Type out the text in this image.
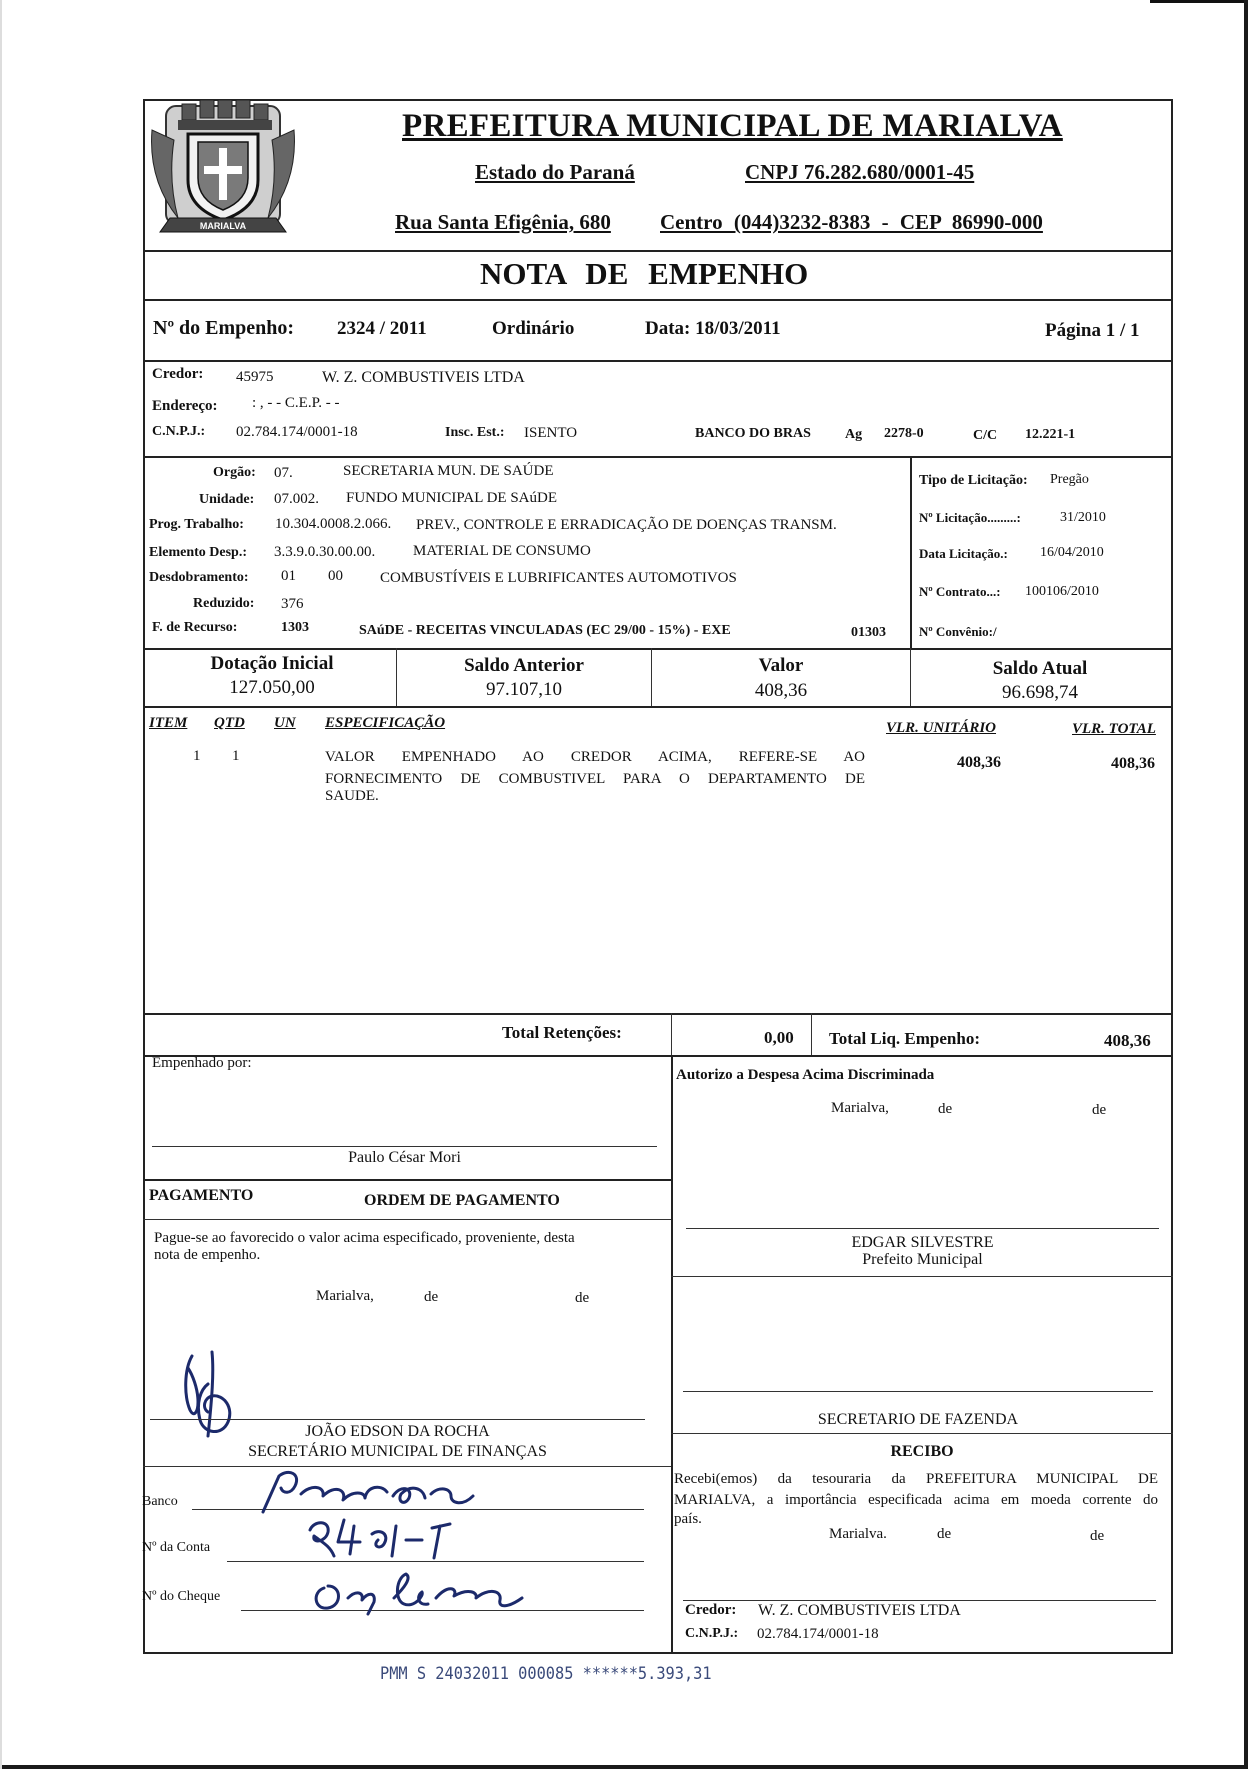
MARIALVA
PREFEITURA MUNICIPAL DE MARIALVA
Estado do Paraná	CNPJ 76.282.680/0001-45
Rua Santa Efigênia, 680 Centro (044)3232-8383 - CEP 86990-000
NOTA DE EMPENHO
Nº do Empenho: 2324 / 2011	Ordinário	Data: 18/03/2011	Página 1 / 1
Credor: 45975	W. Z. COMBUSTIVEIS LTDA
Endereço: : , - - C.E.P. - -
C.N.P.J.: 02.784.174/0001-18	Insc. Est.: ISENTO	BANCO DO BRAS Ag 2278-0	C/C 12.221-1
Orgão: 07.	SECRETARIA MUN. DE SAÚDE
Unidade: 07.002. FUNDO MUNICIPAL DE SAúDE
Prog. Trabalho: 10.304.0008.2.066. PREV., CONTROLE E ERRADICAÇÃO DE DOENÇAS TRANSM.
Elemento Desp.: 3.3.9.0.30.00.00.	MATERIAL DE CONSUMO
Desdobramento: 01 00 COMBUSTÍVEIS E LUBRIFICANTES AUTOMOTIVOS
Reduzido: 376
F. de Recurso:	1303	SAúDE - RECEITAS VINCULADAS (EC 29/00 - 15%) - EXE	01303
Tipo de Licitação: Pregão
Nº Licitação.........:	31/2010
Data Licitação.: 16/04/2010
Nº Contrato...: 100106/2010
Nº Convênio:/
Dotação Inicial
127.050,00
Saldo Anterior
97.107,10
Valor
408,36
Saldo Atual
96.698,74
ITEM QTD UN ESPECIFICAÇÃO	VLR. UNITÁRIO	VLR. TOTAL
1 1	VALOR EMPENHADO AO CREDOR ACIMA, REFERE-SE AO
FORNECIMENTO DE COMBUSTIVEL PARA O DEPARTAMENTO DE
SAUDE.
408,36	408,36
Total Retenções:	0,00 Total Liq. Empenho:	408,36
Empenhado por:
Paulo César Mori
PAGAMENTO	ORDEM DE PAGAMENTO
Pague-se ao favorecido o valor acima especificado, proveniente, desta
nota de empenho.
Marialva,	de	de
JOÃO EDSON DA ROCHA
SECRETÁRIO MUNICIPAL DE FINANÇAS
Banco
Nº da Conta
Nº do Cheque
Autorizo a Despesa Acima Discriminada
Marialva,	de	de
EDGAR SILVESTRE
Prefeito Municipal
SECRETARIO DE FAZENDA
RECIBO
Recebi(emos) da tesouraria da PREFEITURA MUNICIPAL DE
MARIALVA, a importância especificada acima em moeda corrente do
país.
Marialva.	de	de
Credor: W. Z. COMBUSTIVEIS LTDA
C.N.P.J.: 02.784.174/0001-18
PMM S 24032011 000085 ******5.393,31
